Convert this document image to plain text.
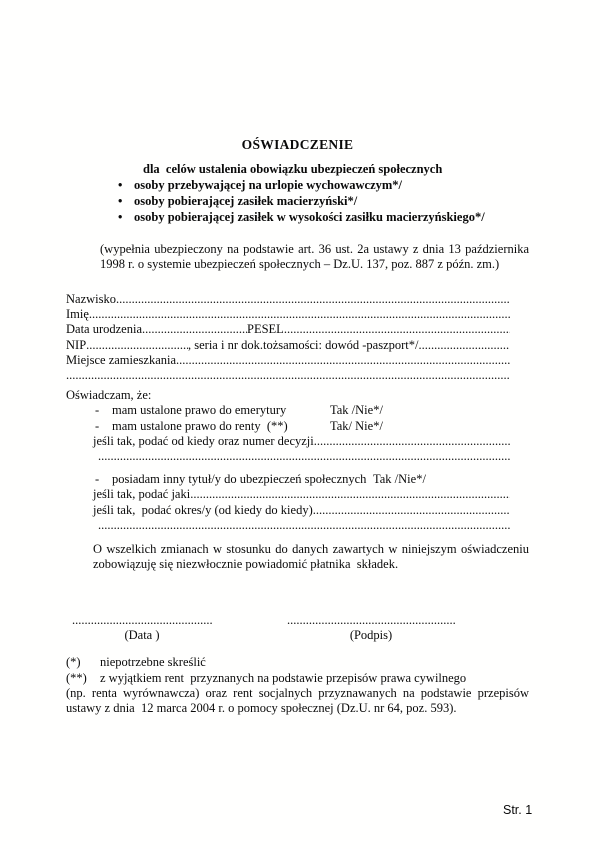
OŚWIADCZENIE
dla  celów ustalenia obowiązku ubezpieczeń społecznych
• osoby przebywającej na urlopie wychowawczym*/
• osoby pobierającej zasiłek macierzyński*/
• osoby pobierającej zasiłek w wysokości zasiłku macierzyńskiego*/

(wypełnia ubezpieczony na podstawie art. 36 ust. 2a ustawy z dnia 13 października 1998 r. o systemie ubezpieczeń społecznych – Dz.U. 137, poz. 887 z późn. zm.)

Nazwisko
.....
Imię
.....
Data urodzenia .....	PESEL
.....
NIP .....	, seria i nr dok.tożsamości: dowód -paszport*/
.....
Miejsce zamieszkania
.....
.....
Oświadczam, że:
-	mam ustalone prawo do emerytury	Tak /Nie*/
-	mam ustalone prawo do renty  (**)	Tak/ Nie*/
jeśli tak, podać od kiedy oraz numer decyzji
.....
.....
-	posiadam inny tytuł/y do ubezpieczeń społecznych Tak /Nie*/
jeśli tak, podać jaki
.....
jeśli tak,  podać okres/y (od kiedy do kiedy)
.....
.....

O wszelkich zmianach w stosunku do danych zawartych w niniejszym oświadczeniu zobowiązuję się niezwłocznie powiadomić płatnika  składek.

.....
(Data )
.....	(Podpis)
(*)	niepotrzebne skreślić
(**)	z wyjątkiem rent  przyznanych na podstawie przepisów prawa cywilnego

(np. renta wyrównawcza) oraz rent socjalnych przyznawanych na podstawie przepisów ustawy z dnia  12 marca 2004 r. o pomocy społecznej (Dz.U. nr 64, poz. 593).

Str. 1
